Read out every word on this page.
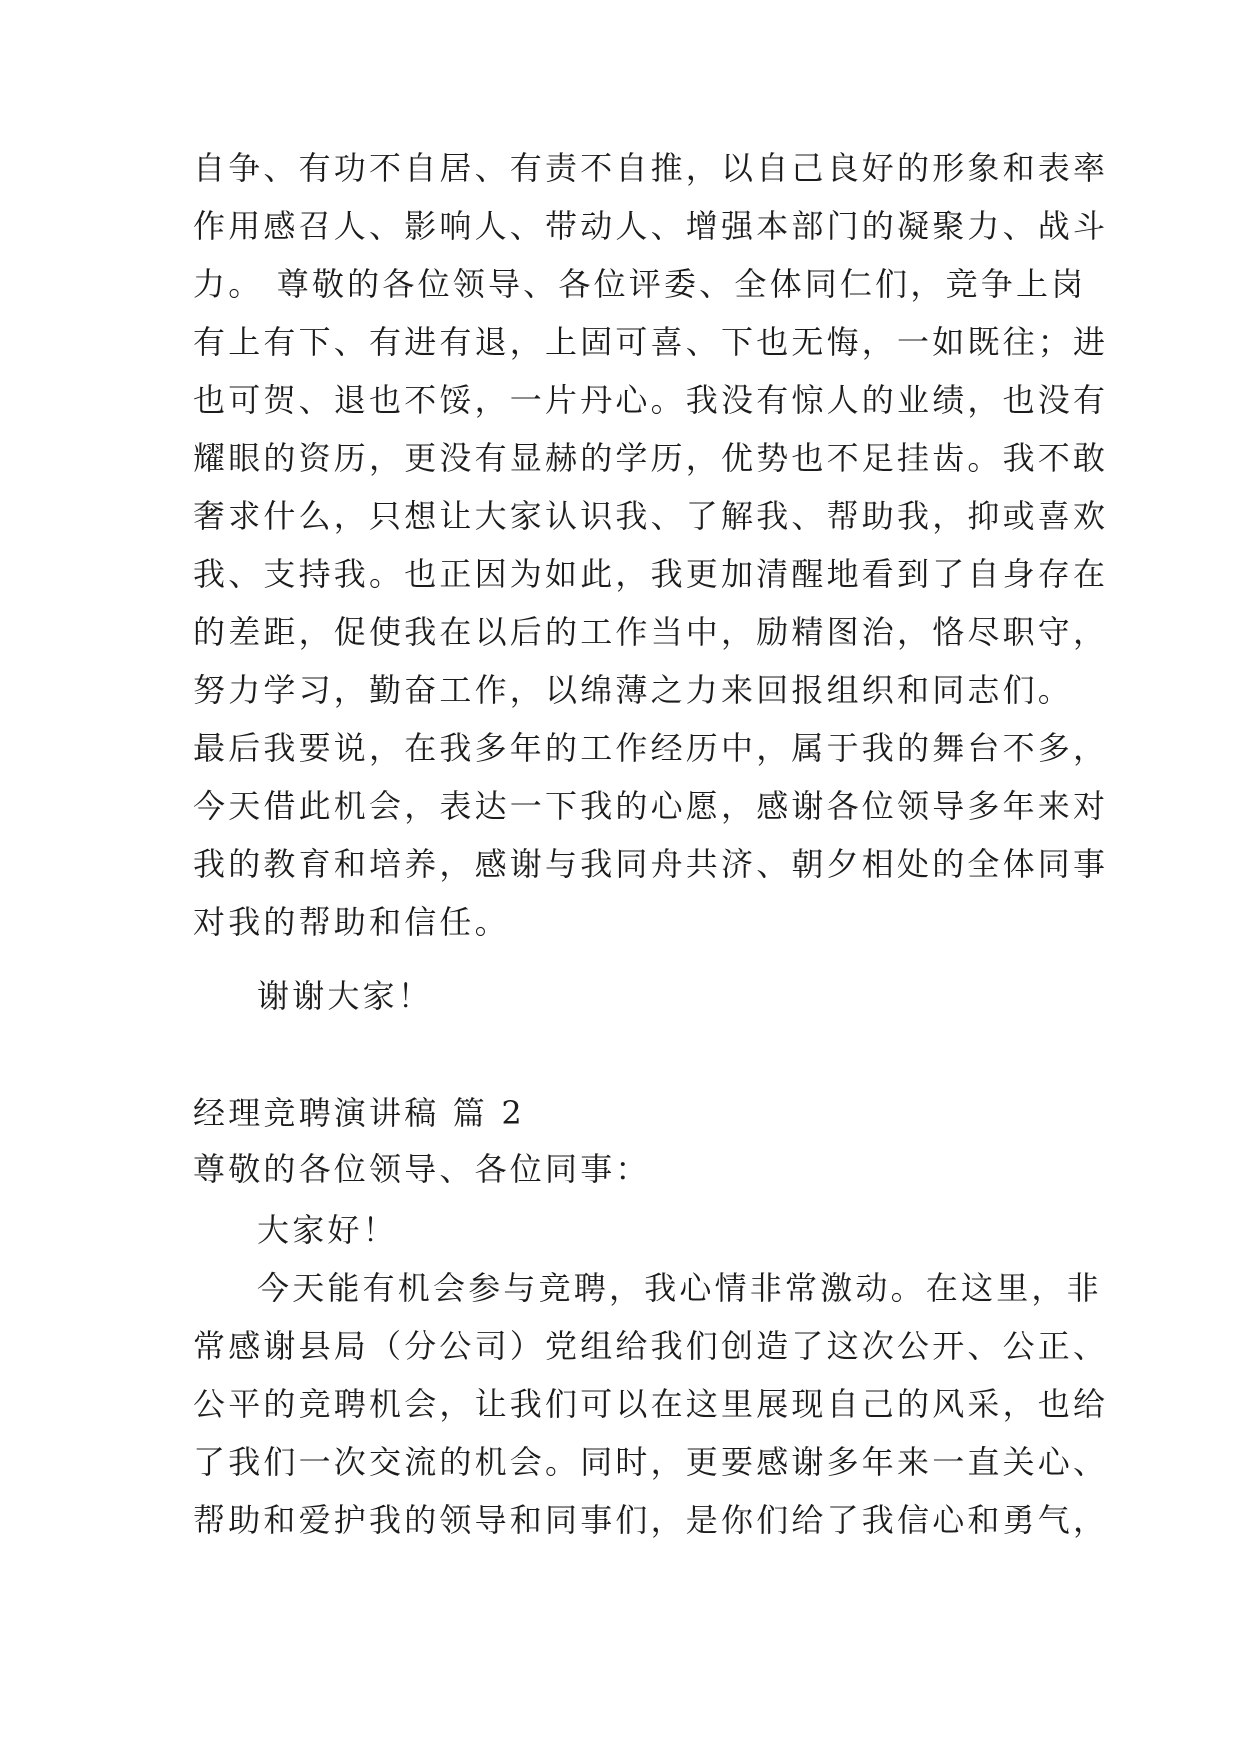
自争、有功不自居、有责不自推，以自己良好的形象和表率
作用感召人、影响人、带动人、增强本部门的凝聚力、战斗
力。 尊敬的各位领导、各位评委、全体同仁们，竞争上岗
有上有下、有进有退，上固可喜、下也无悔，一如既往；进
也可贺、退也不馁，一片丹心。我没有惊人的业绩，也没有
耀眼的资历，更没有显赫的学历，优势也不足挂齿。我不敢
奢求什么，只想让大家认识我、了解我、帮助我，抑或喜欢
我、支持我。也正因为如此，我更加清醒地看到了自身存在
的差距，促使我在以后的工作当中，励精图治，恪尽职守，
努力学习，勤奋工作，以绵薄之力来回报组织和同志们。
最后我要说，在我多年的工作经历中，属于我的舞台不多，
今天借此机会，表达一下我的心愿，感谢各位领导多年来对
我的教育和培养，感谢与我同舟共济、朝夕相处的全体同事
对我的帮助和信任。
谢谢大家！
经理竞聘演讲稿 篇 2
尊敬的各位领导、各位同事：
大家好！
今天能有机会参与竞聘，我心情非常激动。在这里，非
常感谢县局（分公司）党组给我们创造了这次公开、公正、
公平的竞聘机会，让我们可以在这里展现自己的风采，也给
了我们一次交流的机会。同时，更要感谢多年来一直关心、
帮助和爱护我的领导和同事们，是你们给了我信心和勇气，
